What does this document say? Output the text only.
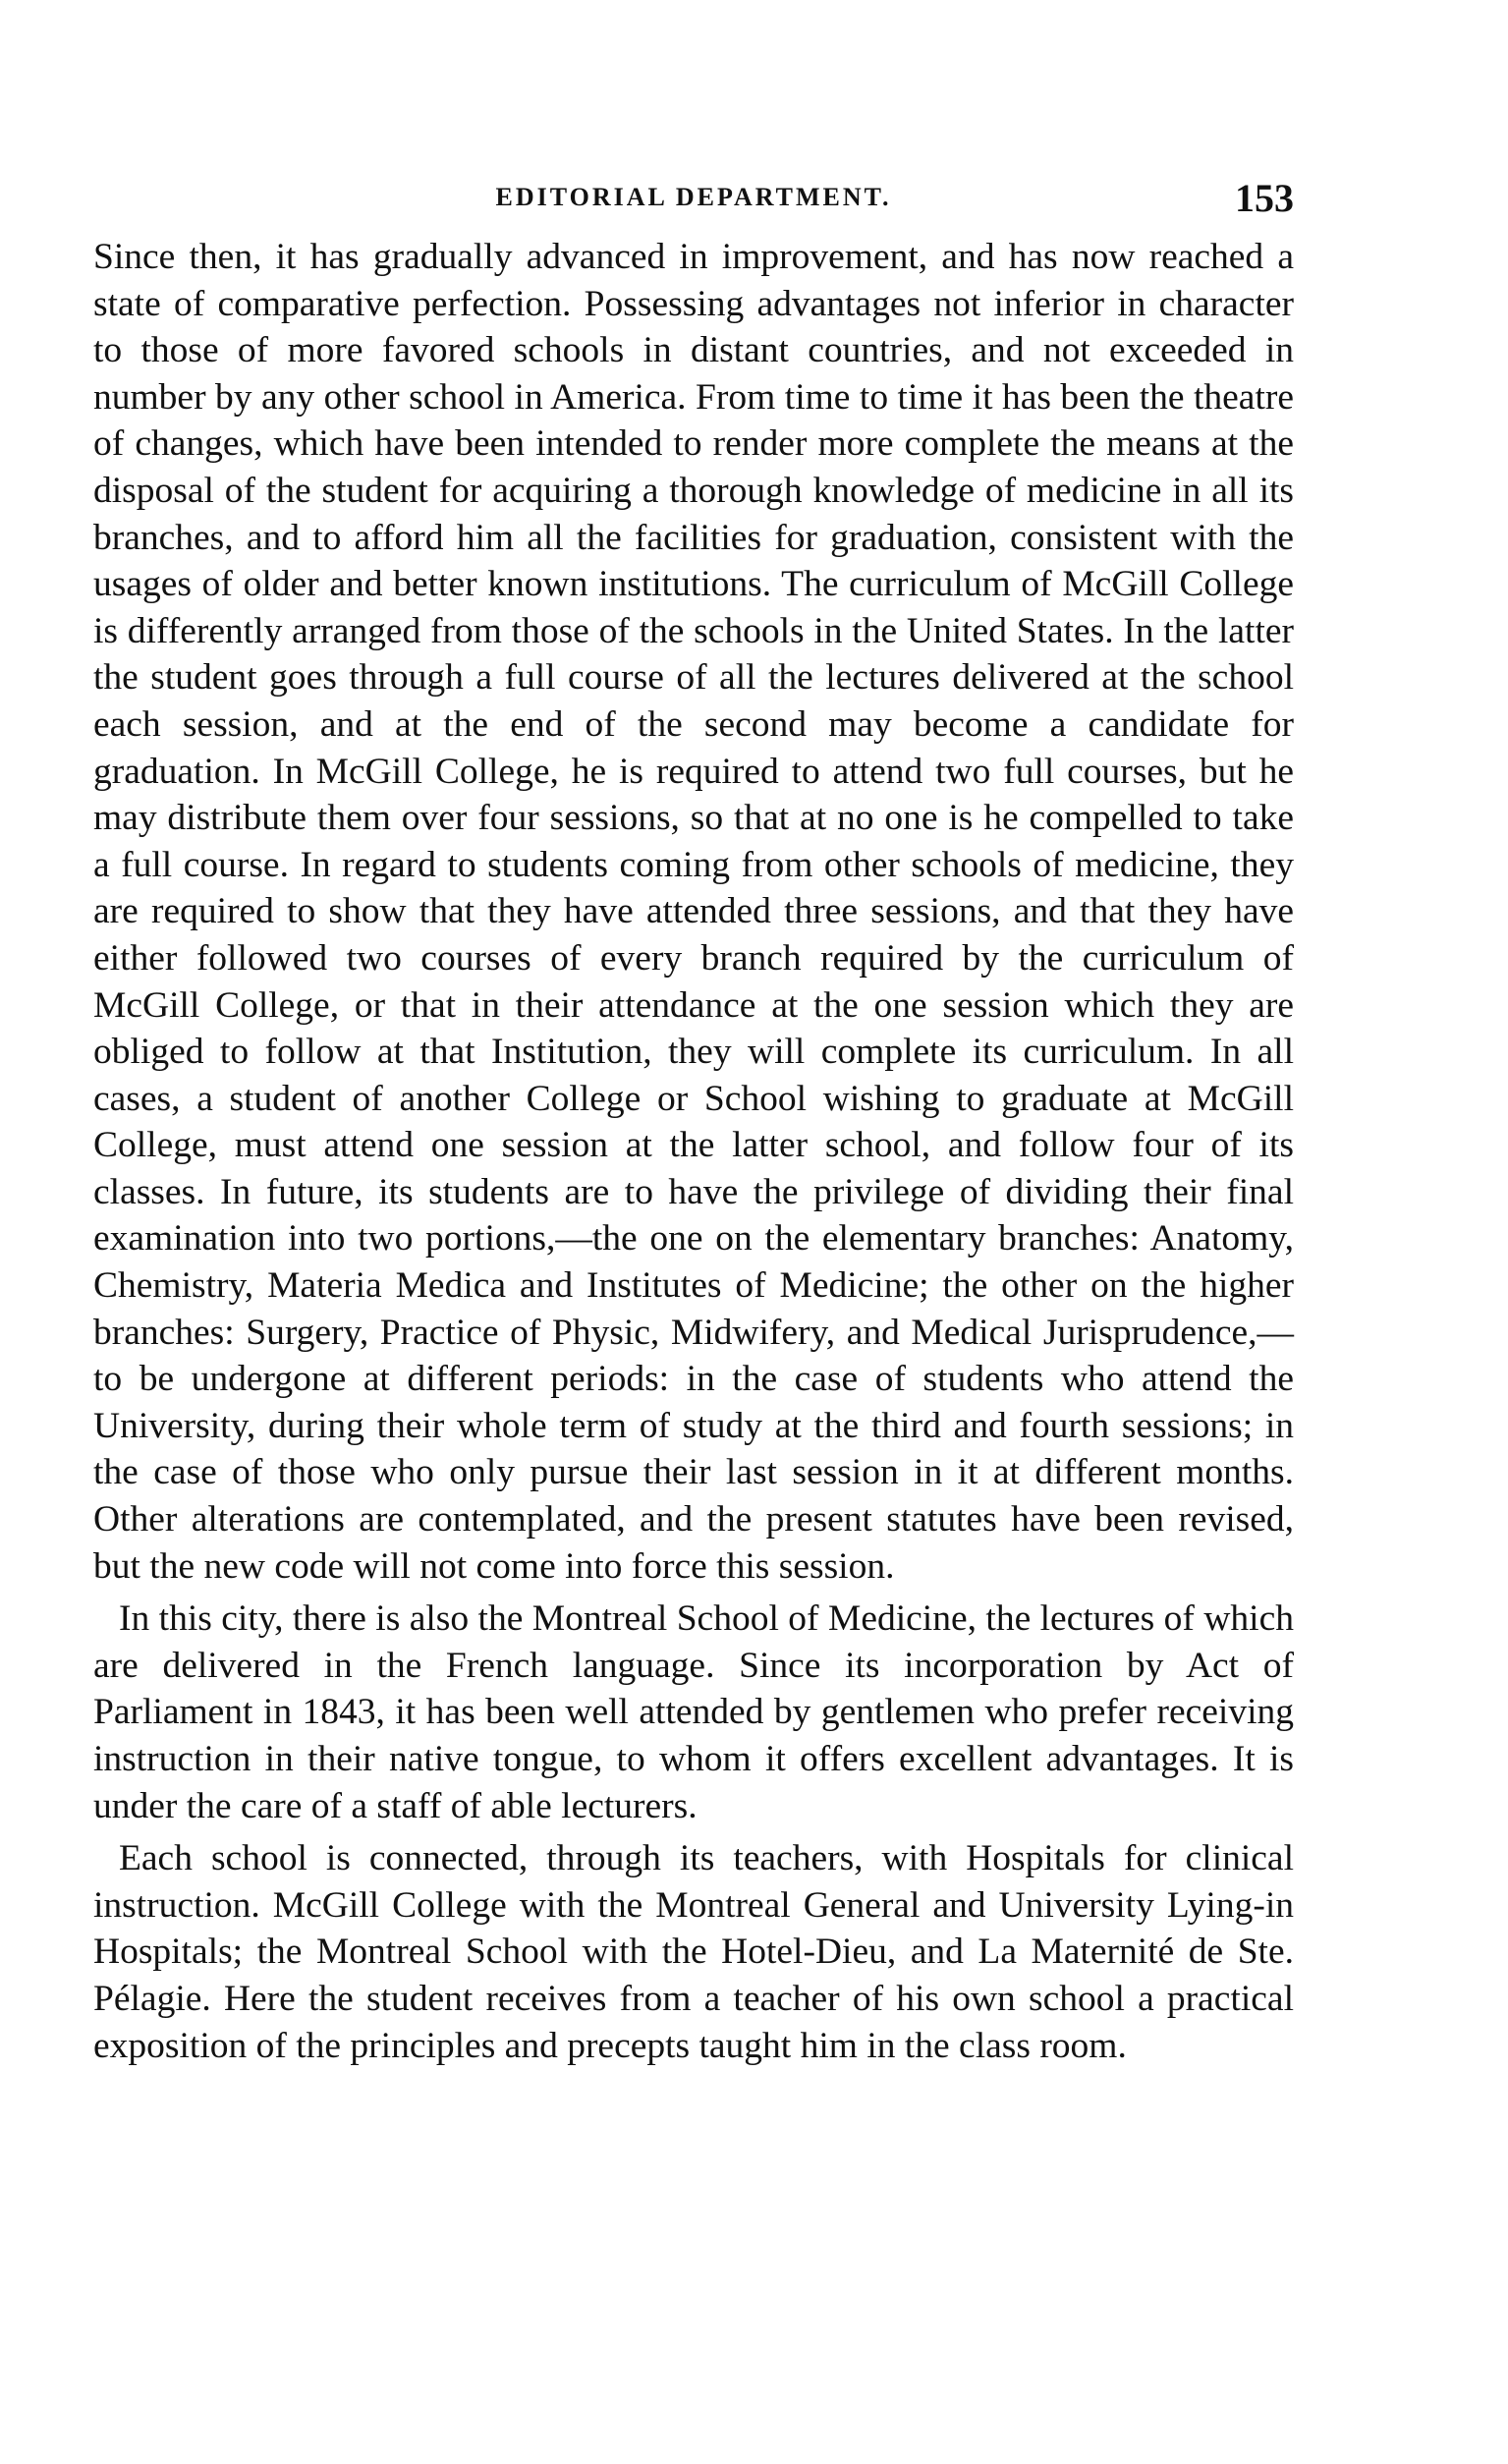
EDITORIAL DEPARTMENT.	153

Since then, it has gradually advanced in improvement, and has now reached a state of comparative perfection. Possessing advantages not inferior in character to those of more favored schools in distant countries, and not exceeded in number by any other school in America. From time to time it has been the theatre of changes, which have been intended to render more complete the means at the disposal of the student for acquiring a thorough knowledge of medicine in all its branches, and to afford him all the facilities for graduation, consistent with the usages of older and better known institutions. The curriculum of McGill College is differently arranged from those of the schools in the United States. In the latter the student goes through a full course of all the lectures delivered at the school each session, and at the end of the second may become a candidate for graduation. In McGill College, he is required to attend two full courses, but he may distribute them over four sessions, so that at no one is he compelled to take a full course. In regard to students coming from other schools of medicine, they are required to show that they have attended three sessions, and that they have either followed two courses of every branch required by the curriculum of McGill College, or that in their attendance at the one session which they are obliged to follow at that Institution, they will complete its curriculum. In all cases, a student of another College or School wishing to graduate at McGill College, must attend one session at the latter school, and follow four of its classes. In future, its students are to have the privilege of dividing their final examination into two portions,—the one on the elementary branches: Anatomy, Chemistry, Materia Medica and Institutes of Medicine; the other on the higher branches: Surgery, Practice of Physic, Midwifery, and Medical Jurisprudence,—to be undergone at different periods: in the case of students who attend the University, during their whole term of study at the third and fourth sessions; in the case of those who only pursue their last session in it at different months. Other alterations are contemplated, and the present statutes have been revised, but the new code will not come into force this session.

In this city, there is also the Montreal School of Medicine, the lectures of which are delivered in the French language. Since its incorporation by Act of Parliament in 1843, it has been well attended by gentlemen who prefer receiving instruction in their native tongue, to whom it offers excellent advantages. It is under the care of a staff of able lecturers.

Each school is connected, through its teachers, with Hospitals for clinical instruction. McGill College with the Montreal General and University Lying-in Hospitals; the Montreal School with the Hotel-Dieu, and La Maternité de Ste. Pélagie. Here the student receives from a teacher of his own school a practical exposition of the principles and precepts taught him in the class room.
